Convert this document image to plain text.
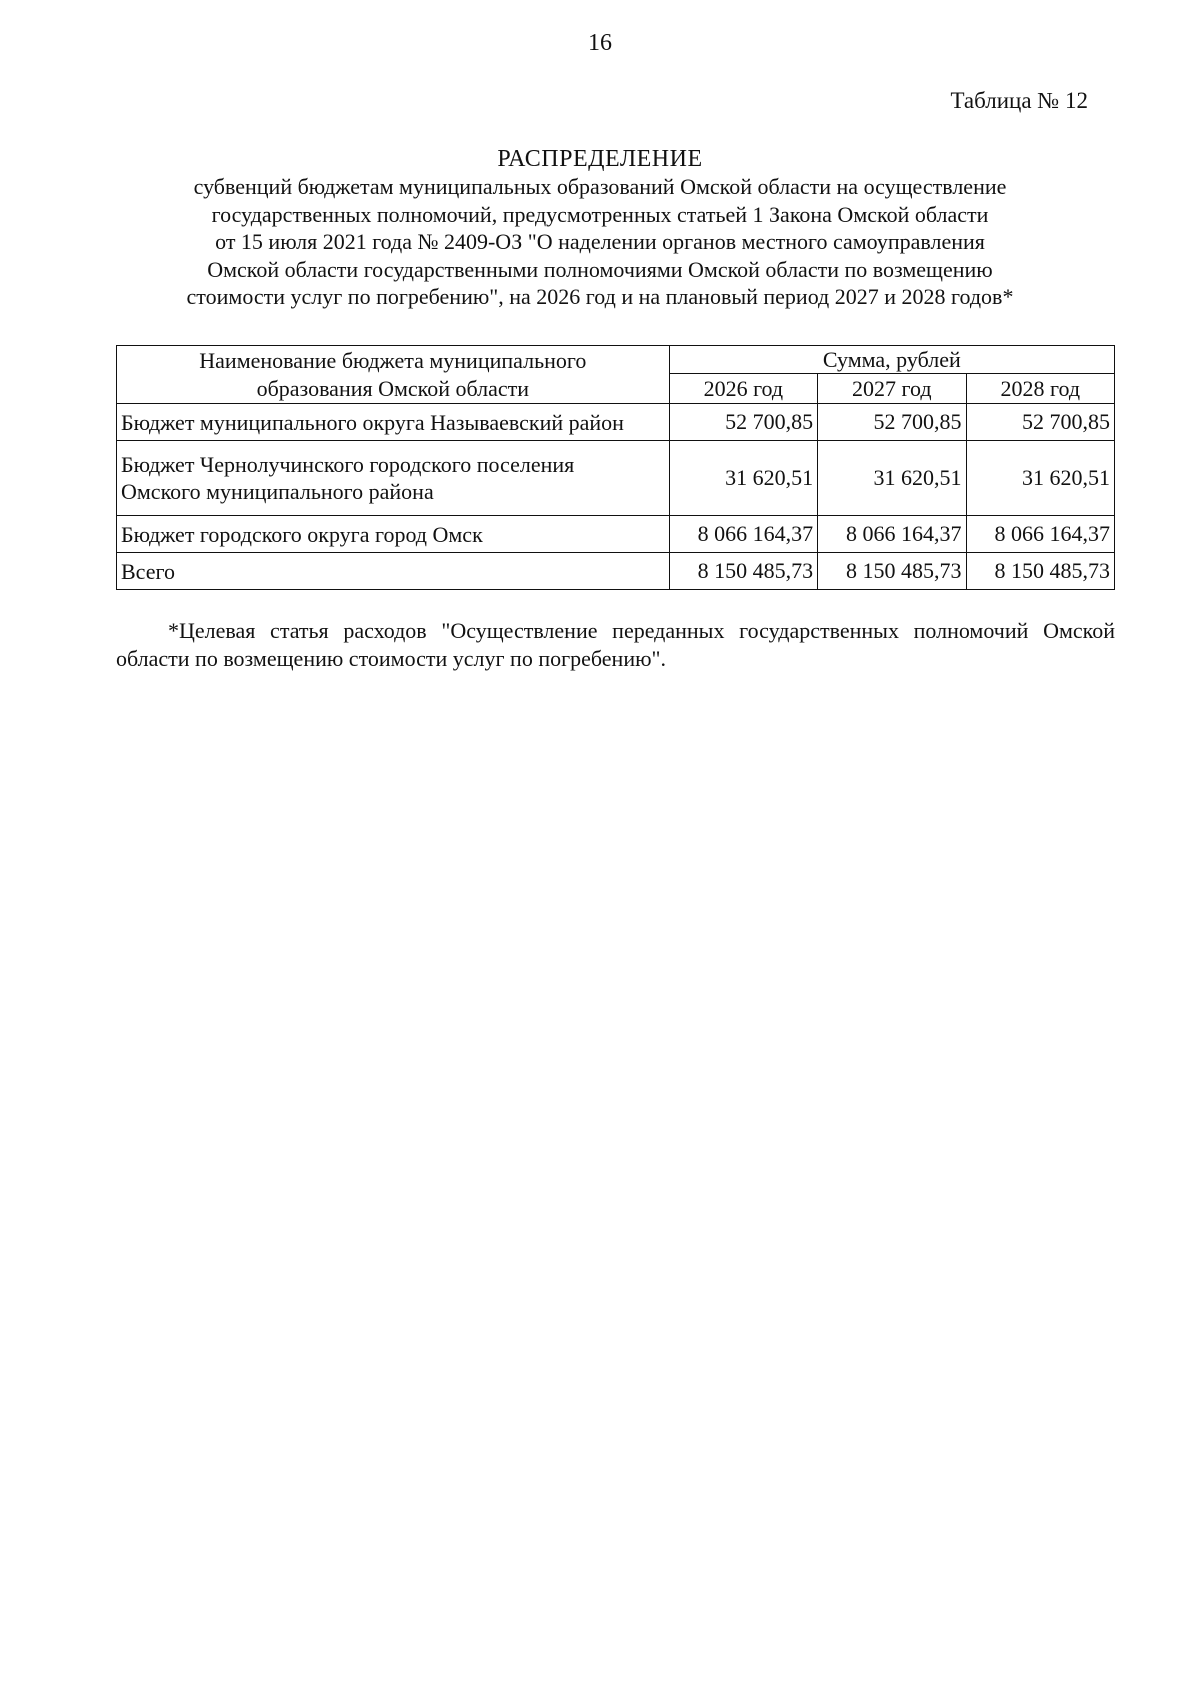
16
Таблица № 12
РАСПРЕДЕЛЕНИЕ
субвенций бюджетам муниципальных образований Омской области на осуществление
государственных полномочий, предусмотренных статьей 1 Закона Омской области
от 15 июля 2021 года № 2409-ОЗ "О наделении органов местного самоуправления
Омской области государственными полномочиями Омской области по возмещению
стоимости услуг по погребению", на 2026 год и на плановый период 2027 и 2028 годов*
Наименование бюджета муниципального
образования Омской области	Сумма, рублей		
	2026 год	2027 год	2028 год

Бюджет муниципального округа Называевский район	52 700,85	52 700,85	52 700,85

Бюджет Чернолучинского городского поселения
Омского муниципального района	31 620,51	31 620,51	31 620,51

Бюджет городского округа город Омск	8 066 164,37	8 066 164,37	8 066 164,37

Всего	8 150 485,73	8 150 485,73	8 150 485,73
*Целевая статья расходов "Осуществление переданных государственных полномочий Омской области по возмещению стоимости услуг по погребению".
